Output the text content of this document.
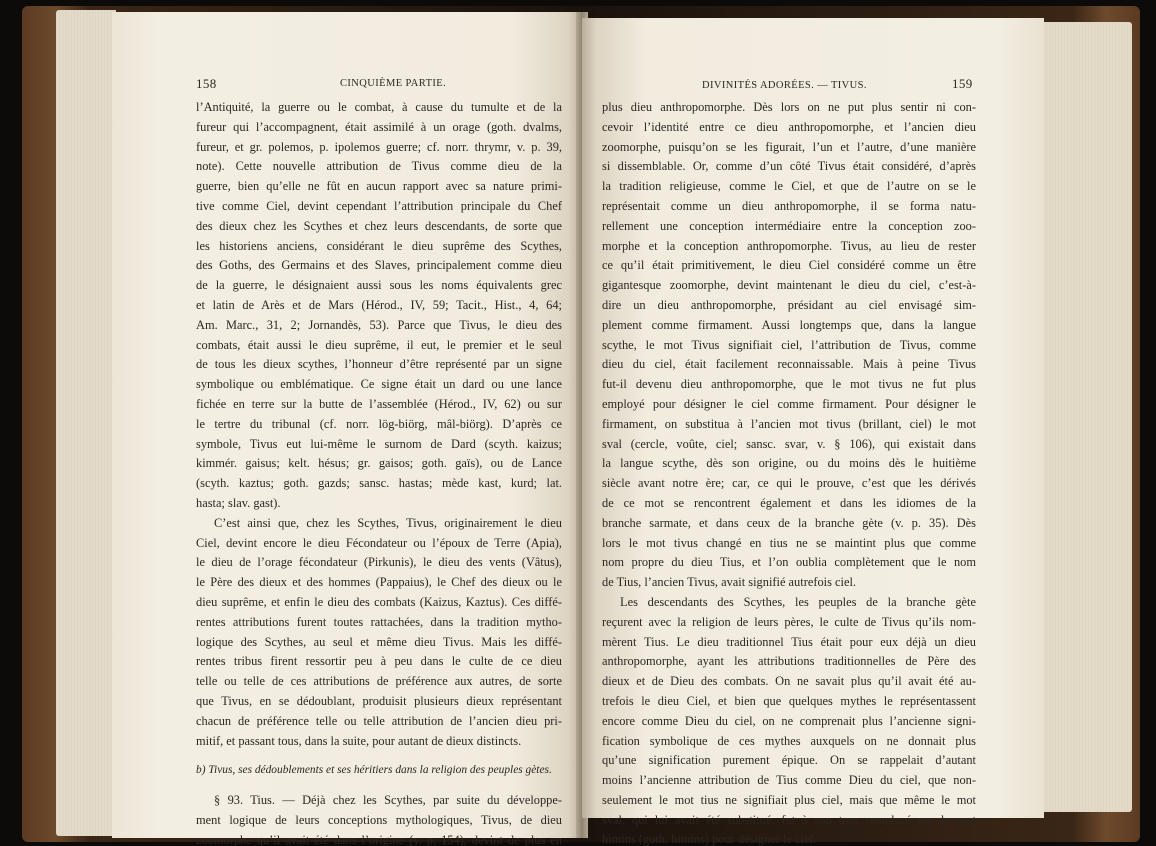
158	CINQUIÈME PARTIE.
l’Antiquité, la guerre ou le combat, à cause du tumulte et de la
fureur qui l’accompagnent, était assimilé à un orage (goth. dvalms,
fureur, et gr. polemos, p. ipolemos guerre; cf. norr. thrymr, v. p. 39,
note). Cette nouvelle attribution de Tivus comme dieu de la
guerre, bien qu’elle ne fût en aucun rapport avec sa nature primi-
tive comme Ciel, devint cependant l’attribution principale du Chef
des dieux chez les Scythes et chez leurs descendants, de sorte que
les historiens anciens, considérant le dieu suprême des Scythes,
des Goths, des Germains et des Slaves, principalement comme dieu
de la guerre, le désignaient aussi sous les noms équivalents grec
et latin de Arès et de Mars (Hérod., IV, 59; Tacit., Hist., 4, 64;
Am. Marc., 31, 2; Jornandès, 53). Parce que Tivus, le dieu des
combats, était aussi le dieu suprême, il eut, le premier et le seul
de tous les dieux scythes, l’honneur d’être représenté par un signe
symbolique ou emblématique. Ce signe était un dard ou une lance
fichée en terre sur la butte de l’assemblée (Hérod., IV, 62) ou sur
le tertre du tribunal (cf. norr. lög-biörg, mâl-biörg). D’après ce
symbole, Tivus eut lui-même le surnom de Dard (scyth. kaizus;
kimmér. gaisus; kelt. hésus; gr. gaisos; goth. gaïs), ou de Lance
(scyth. kaztus; goth. gazds; sansc. hastas; mède kast, kurd; lat.
hasta; slav. gast).
C’est ainsi que, chez les Scythes, Tivus, originairement le dieu
Ciel, devint encore le dieu Fécondateur ou l’époux de Terre (Apia),
le dieu de l’orage fécondateur (Pirkunis), le dieu des vents (Vâtus),
le Père des dieux et des hommes (Pappaius), le Chef des dieux ou le
dieu suprême, et enfin le dieu des combats (Kaizus, Kaztus). Ces diffé-
rentes attributions furent toutes rattachées, dans la tradition mytho-
logique des Scythes, au seul et même dieu Tivus. Mais les diffé-
rentes tribus firent ressortir peu à peu dans le culte de ce dieu
telle ou telle de ces attributions de préférence aux autres, de sorte
que Tivus, en se dédoublant, produisit plusieurs dieux représentant
chacun de préférence telle ou telle attribution de l’ancien dieu pri-
mitif, et passant tous, dans la suite, pour autant de dieux distincts.
b) Tivus, ses dédoublements et ses héritiers dans la religion des peuples gètes.
§ 93. Tius. — Déjà chez les Scythes, par suite du développe-
ment logique de leurs conceptions mythologiques, Tivus, de dieu
zoomorphe qu’il avait été dans l’origine (v. p. 154), devint de plus en
DIVINITÉS ADORÉES. — TIVUS.	159
plus dieu anthropomorphe. Dès lors on ne put plus sentir ni con-
cevoir l’identité entre ce dieu anthropomorphe, et l’ancien dieu
zoomorphe, puisqu’on se les figurait, l’un et l’autre, d’une manière
si dissemblable. Or, comme d’un côté Tivus était considéré, d’après
la tradition religieuse, comme le Ciel, et que de l’autre on se le
représentait comme un dieu anthropomorphe, il se forma natu-
rellement une conception intermédiaire entre la conception zoo-
morphe et la conception anthropomorphe. Tivus, au lieu de rester
ce qu’il était primitivement, le dieu Ciel considéré comme un être
gigantesque zoomorphe, devint maintenant le dieu du ciel, c’est-à-
dire un dieu anthropomorphe, présidant au ciel envisagé sim-
plement comme firmament. Aussi longtemps que, dans la langue
scythe, le mot Tivus signifiait ciel, l’attribution de Tivus, comme
dieu du ciel, était facilement reconnaissable. Mais à peine Tivus
fut-il devenu dieu anthropomorphe, que le mot tivus ne fut plus
employé pour désigner le ciel comme firmament. Pour désigner le
firmament, on substitua à l’ancien mot tivus (brillant, ciel) le mot
sval (cercle, voûte, ciel; sansc. svar, v. § 106), qui existait dans
la langue scythe, dès son origine, ou du moins dès le huitième
siècle avant notre ère; car, ce qui le prouve, c’est que les dérivés
de ce mot se rencontrent également et dans les idiomes de la
branche sarmate, et dans ceux de la branche gète (v. p. 35). Dès
lors le mot tivus changé en tius ne se maintint plus que comme
nom propre du dieu Tius, et l’on oublia complètement que le nom
de Tius, l’ancien Tivus, avait signifié autrefois ciel.
Les descendants des Scythes, les peuples de la branche gète
reçurent avec la religion de leurs pères, le culte de Tivus qu’ils nom-
mèrent Tius. Le dieu traditionnel Tius était pour eux déjà un dieu
anthropomorphe, ayant les attributions traditionnelles de Père des
dieux et de Dieu des combats. On ne savait plus qu’il avait été au-
trefois le dieu Ciel, et bien que quelques mythes le représentassent
encore comme Dieu du ciel, on ne comprenait plus l’ancienne signi-
fication symbolique de ces mythes auxquels on ne donnait plus
qu’une signification purement épique. On se rappelait d’autant
moins l’ancienne attribution de Tius comme Dieu du ciel, que non-
seulement le mot tius ne signifiait plus ciel, mais que même le mot
sval, qui lui avait été substitué, fut à son tour remplacé par le mot
himins (goth. himins) pour désigner le ciel.
